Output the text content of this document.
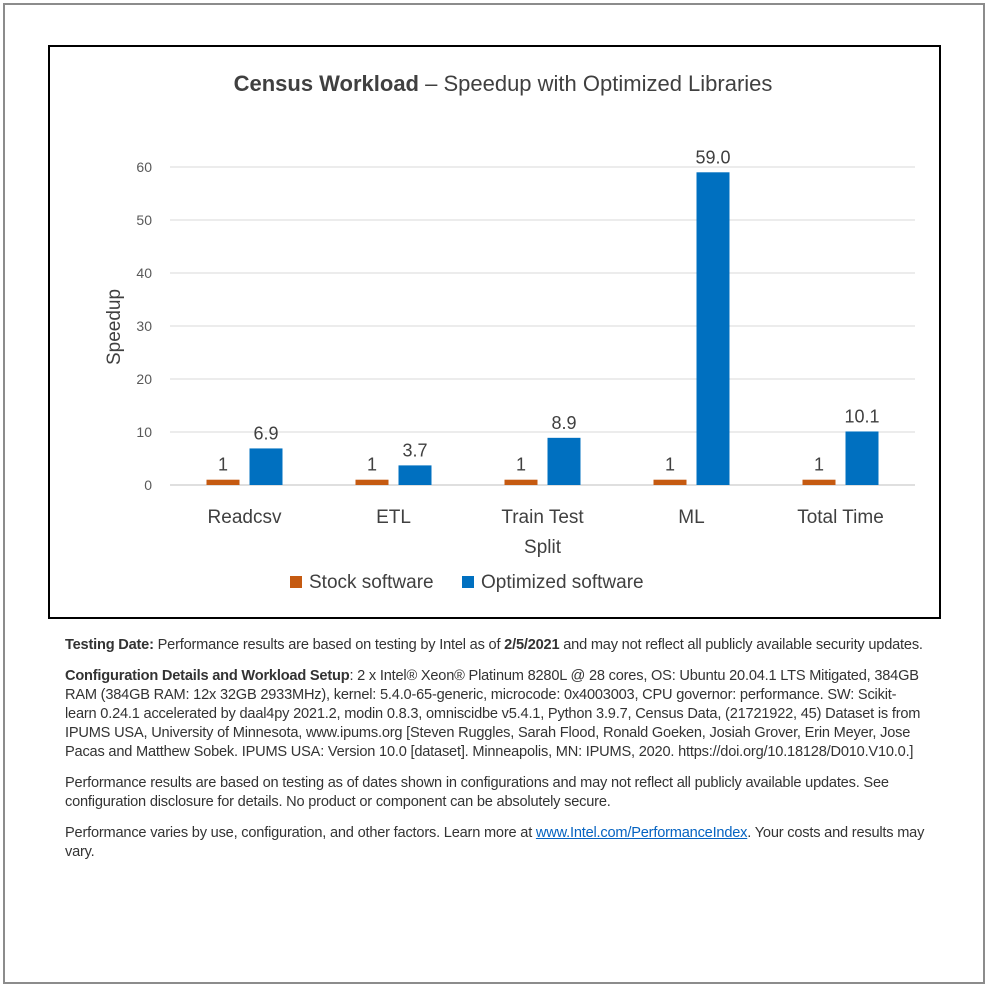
Census Workload – Speedup with Optimized Libraries
Speedup
0
10
20
30
40
50
60
1
6.9
Readcsv
1
3.7
ETL
1
8.9
Train Test Split
1
59.0
ML
1
10.1
Total Time
Stock software Optimized software

Testing Date: Performance results are based on testing by Intel as of 2/5/2021 and may not reflect all publicly available security updates.

Configuration Details and Workload Setup: 2 x Intel® Xeon® Platinum 8280L @ 28 cores, OS: Ubuntu 20.04.1 LTS Mitigated, 384GB RAM (384GB RAM: 12x 32GB 2933MHz), kernel: 5.4.0-65-generic, microcode: 0x4003003, CPU governor: performance. SW: Scikit-learn 0.24.1 accelerated by daal4py 2021.2, modin 0.8.3, omniscidbe v5.4.1, Python 3.9.7, Census Data, (21721922, 45) Dataset is from IPUMS USA, University of Minnesota, www.ipums.org [Steven Ruggles, Sarah Flood, Ronald Goeken, Josiah Grover, Erin Meyer, Jose Pacas and Matthew Sobek. IPUMS USA: Version 10.0 [dataset]. Minneapolis, MN: IPUMS, 2020. https://doi.org/10.18128/D010.V10.0.]

Performance results are based on testing as of dates shown in configurations and may not reflect all publicly available updates. See configuration disclosure for details. No product or component can be absolutely secure.

Performance varies by use, configuration, and other factors. Learn more at www.Intel.com/PerformanceIndex. Your costs and results may vary.
